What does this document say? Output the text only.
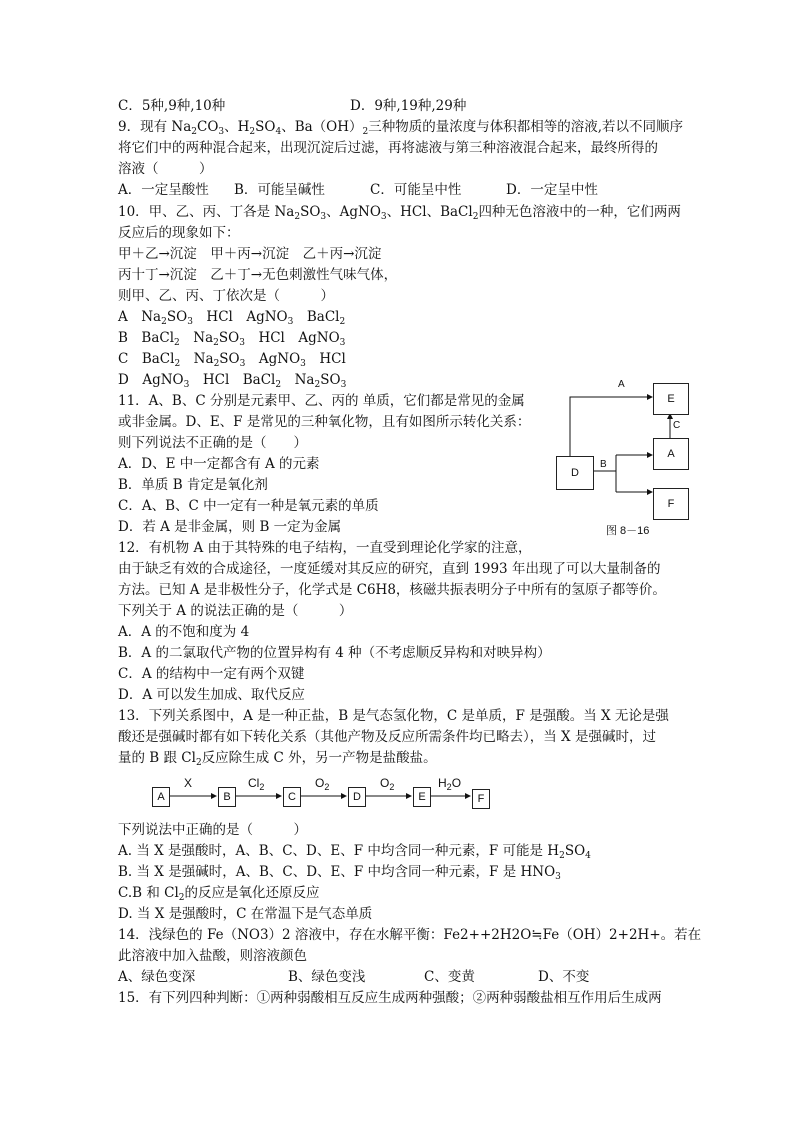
C．5种,9种,10种	D．9种,19种,29种
9．现有 $Na_2CO_3$、$H_2SO_4$、$Ba(OH)_2$三种物质的量浓度与体积都相等的溶液,若以不同顺序
将它们中的两种混合起来，出现沉淀后过滤，再将滤液与第三种溶液混合起来，最终所得的
溶液（　　　）
A．一定呈酸性 B．可能呈碱性	C．可能呈中性	D．一定呈中性
10．甲、乙、丙、丁各是 $Na_2SO_3$、AgNO$_3$、HCl、BaCl$_2$四种无色溶液中的一种，它们两两
反应后的现象如下：
甲＋乙→沉淀　甲＋丙→沉淀　乙＋丙→沉淀
丙十丁→沉淀　乙＋丁→无色刺激性气味气体，
则甲、乙、丙、丁依次是（　　　）
A　$Na_2SO_3$　HCl　AgNO$_3$　BaCl$_2$
B　BaCl$_2$　$Na_2SO_3$　HCl　AgNO$_3$
C　BaCl$_2$　$Na_2SO_3$　AgNO$_3$　HCl
D　AgNO$_3$　HCl　BaCl$_2$　$Na_2SO_3$
11．A、B、C 分别是元素甲、乙、丙的 单质，它们都是常见的金属
或非金属。D、E、F 是常见的三种氧化物，且有如图所示转化关系：
则下列说法不正确的是（　　）
A．D、E 中一定都含有 A 的元素
B．单质 B 肯定是氧化剂
C．A、B、C 中一定有一种是氧元素的单质
D．若 A 是非金属，则 B 一定为金属
12．有机物 A 由于其特殊的电子结构，一直受到理论化学家的注意，
由于缺乏有效的合成途径，一度延缓对其反应的研究，直到 1993 年出现了可以大量制备的
方法。已知 A 是非极性分子，化学式是 C6H8，核磁共振表明分子中所有的氢原子都等价。
下列关于 A 的说法正确的是（　　　）
A．A 的不饱和度为 4
B．A 的二氯取代产物的位置异构有 4 种（不考虑顺反异构和对映异构）
C．A 的结构中一定有两个双键
D．A 可以发生加成、取代反应
13．下列关系图中，A 是一种正盐，B 是气态氢化物，C 是单质，F 是强酸。当 X 无论是强
酸还是强碱时都有如下转化关系（其他产物及反应所需条件均已略去），当 X 是强碱时，过
量的 B 跟 $Cl_2$反应除生成 C 外，另一产物是盐酸盐。
下列说法中正确的是（　　　）
A. 当 X 是强酸时，A、B、C、D、E、F 中均含同一种元素，F 可能是 $H_2SO_4$
B. 当 X 是强碱时，A、B、C、D、E、F 中均含同一种元素，F 是 $HNO_3$
C.B 和 $Cl_2$的反应是氧化还原反应
D. 当 X 是强酸时，C 在常温下是气态单质
14．浅绿色的 Fe（NO3）2 溶液中，存在水解平衡：Fe2++2H2O≒Fe（OH）2+2H+。若在
此溶液中加入盐酸，则溶液颜色
A、绿色变深	B、绿色变浅	C、变黄	D、不变
15．有下列四种判断：①两种弱酸相互反应生成两种强酸；②两种弱酸盐相互作用后生成两
A
B
C
D
E
A
F
图 8－16
A	B	C	D	E	F
X	$Cl_2$	$O_2$	$O_2$	$H_2O$
